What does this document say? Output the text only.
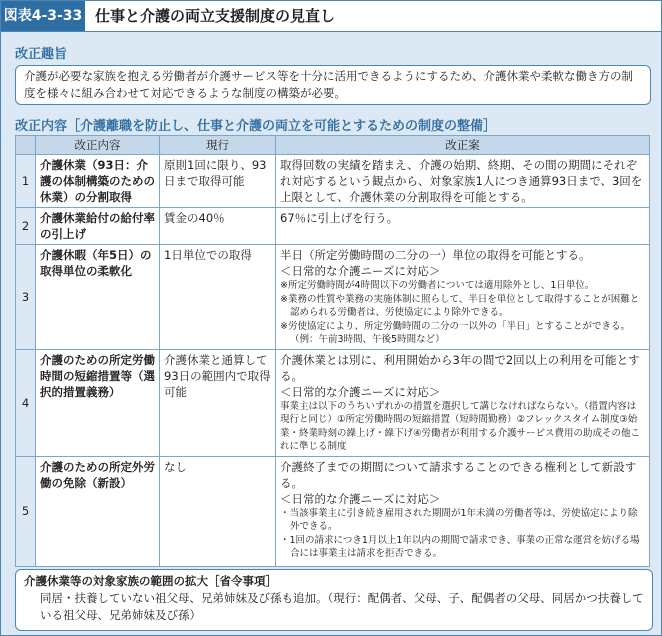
図表4-3-33 仕事と介護の両立支援制度の見直し
改正趣旨
介護が必要な家族を抱える労働者が介護サービス等を十分に活用できるようにするため、介護休業や柔軟な働き方の制度を様々に組み合わせて対応できるような制度の構築が必要。
改正内容［介護離職を防止し、仕事と介護の両立を可能とするための制度の整備］
	改正内容	現行	改正案
1	介護休業（93日：介護の体制構築のための休業）の分割取得	原則1回に限り、93日まで取得可能	取得回数の実績を踏まえ、介護の始期、終期、その間の期間にそれぞれ対応するという観点から、対象家族1人につき通算93日まで、3回を上限として、介護休業の分割取得を可能とする。

2	介護休業給付の給付率の引上げ	賃金の40％	67％に引上げを行う。

3	介護休暇（年5日）の取得単位の柔軟化	1日単位での取得	半日（所定労働時間の二分の一）単位の取得を可能とする。
＜日常的な介護ニーズに対応＞
※所定労働時間が4時間以下の労働者については適用除外とし、1日単位。
※業務の性質や業務の実施体制に照らして、半日を単位として取得することが困難と認められる労働者は、労使協定により除外できる。
※労使協定により、所定労働時間の二分の一以外の「半日」とすることができる。（例：午前3時間、午後5時間など）

4	介護のための所定労働時間の短縮措置等（選択的措置義務）	介護休業と通算して93日の範囲内で取得可能	介護休業とは別に、利用開始から3年の間で2回以上の利用を可能とする。
＜日常的な介護ニーズに対応＞
事業主は以下のうちいずれかの措置を選択して講じなければならない。（措置内容は現行と同じ）①所定労働時間の短縮措置（短時間勤務）②フレックスタイム制度③始業・終業時刻の繰上げ・繰下げ④労働者が利用する介護サービス費用の助成その他これに準じる制度

5	介護のための所定外労働の免除（新設）	なし	介護終了までの期間について請求することのできる権利として新設する。
＜日常的な介護ニーズに対応＞
・当該事業主に引き続き雇用された期間が1年未満の労働者等は、労使協定により除外できる。
・1回の請求につき1月以上1年以内の期間で請求でき、事業の正常な運営を妨げる場合には事業主は請求を拒否できる。
介護休業等の対象家族の範囲の拡大［省令事項］
同居・扶養していない祖父母、兄弟姉妹及び孫も追加。（現行：配偶者、父母、子、配偶者の父母、同居かつ扶養している祖父母、兄弟姉妹及び孫）
